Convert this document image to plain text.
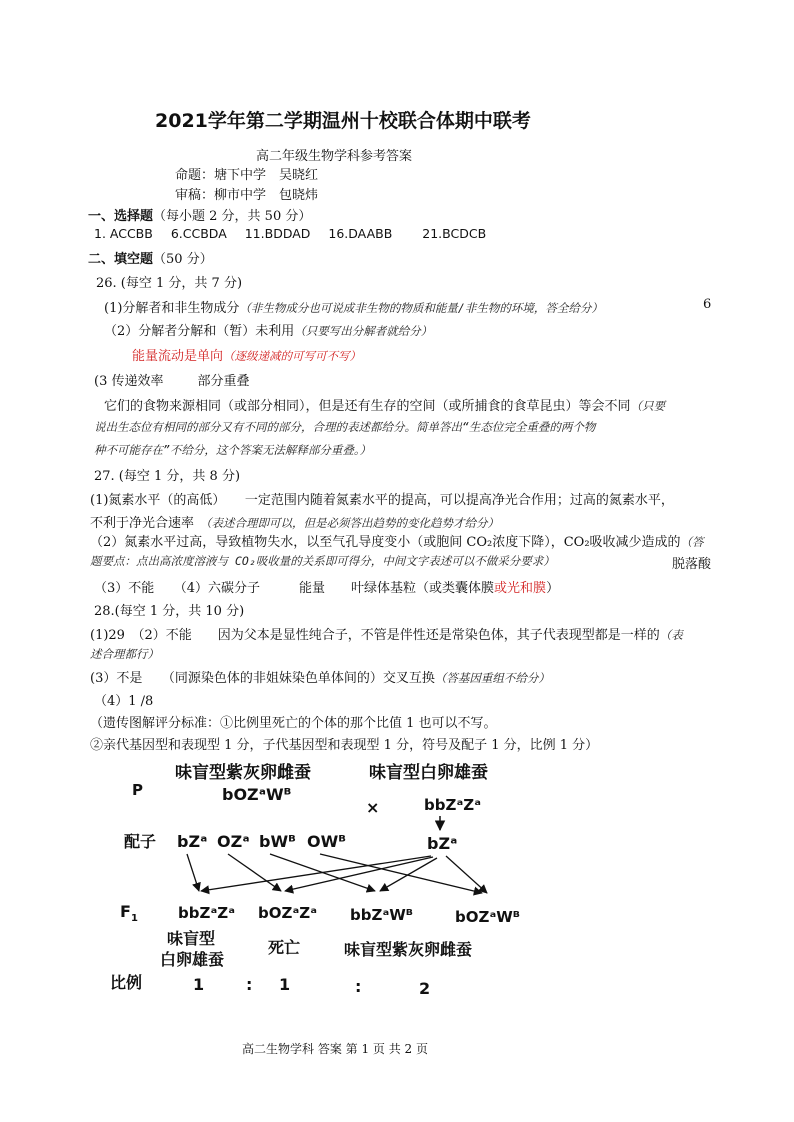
2021学年第二学期温州十校联合体期中联考
高二年级生物学科参考答案
命题：塘下中学　吴晓红
审稿：柳市中学　包晓炜
一、选择题（每小题 2 分，共 50 分）
1. ACCBB 6.CCBDA 11.BDDAD 16.DAABB 21.BCDCB
二、填空题（50 分）
26. (每空 1 分，共 7 分)
(1)分解者和非生物成分（非生物成分也可说成非生物的物质和能量/非生物的环境，答全给分）	6
（2）分解者分解和（暂）未利用（只要写出分解者就给分）
能量流动是单向（逐级递减的可写可不写）
(3 传递效率	部分重叠
它们的食物来源相同（或部分相同），但是还有生存的空间（或所捕食的食草昆虫）等会不同（只要
说出生态位有相同的部分又有不同的部分，合理的表述都给分。简单答出“生态位完全重叠的两个物
种不可能存在”不给分，这个答案无法解释部分重叠。）
27. (每空 1 分，共 8 分)
(1)氮素水平（的高低）　　一定范围内随着氮素水平的提高，可以提高净光合作用；过高的氮素水平，
不利于净光合速率 （表述合理即可以，但是必须答出趋势的变化趋势才给分）
（2）氮素水平过高，导致植物失水，以至气孔导度变小（或胞间 CO₂浓度下降），CO₂吸收减少造成的（答
题要点：点出高浓度溶液与 CO₂吸收量的关系即可得分，中间文字表述可以不做采分要求）	脱落酸
（3）不能　　（4）六碳分子　　　能量　　叶绿体基粒（或类囊体膜或光和膜）
28.(每空 1 分，共 10 分)
(1)29　（2）不能　　因为父本是显性纯合子，不管是伴性还是常染色体，其子代表现型都是一样的（表
述合理都行）
(3）不是　　（同源染色体的非姐妹染色单体间的）交叉互换（答基因重组不给分）
（4）1 /8
（遗传图解评分标准：①比例里死亡的个体的那个比值 1 也可以不写。
②亲代基因型和表现型 1 分，子代基因型和表现型 1 分，符号及配子 1 分，比例 1 分）
味盲型紫灰卵雌蚕	味盲型白卵雄蚕
P	bOZᵃWᴮ
×	bbZᵃZᵃ
配子 bZᵃ OZᵃ bWᴮ OWᴮ	bZᵃ
$F_1$	bbZᵃZᵃ bOZᵃZᵃ bbZᵃWᴮ	bOZᵃWᴮ
味盲型
白卵雄蚕
死亡	味盲型紫灰卵雌蚕
比例	1	: 1	:	2
高二生物学科 答案 第 1 页 共 2 页
